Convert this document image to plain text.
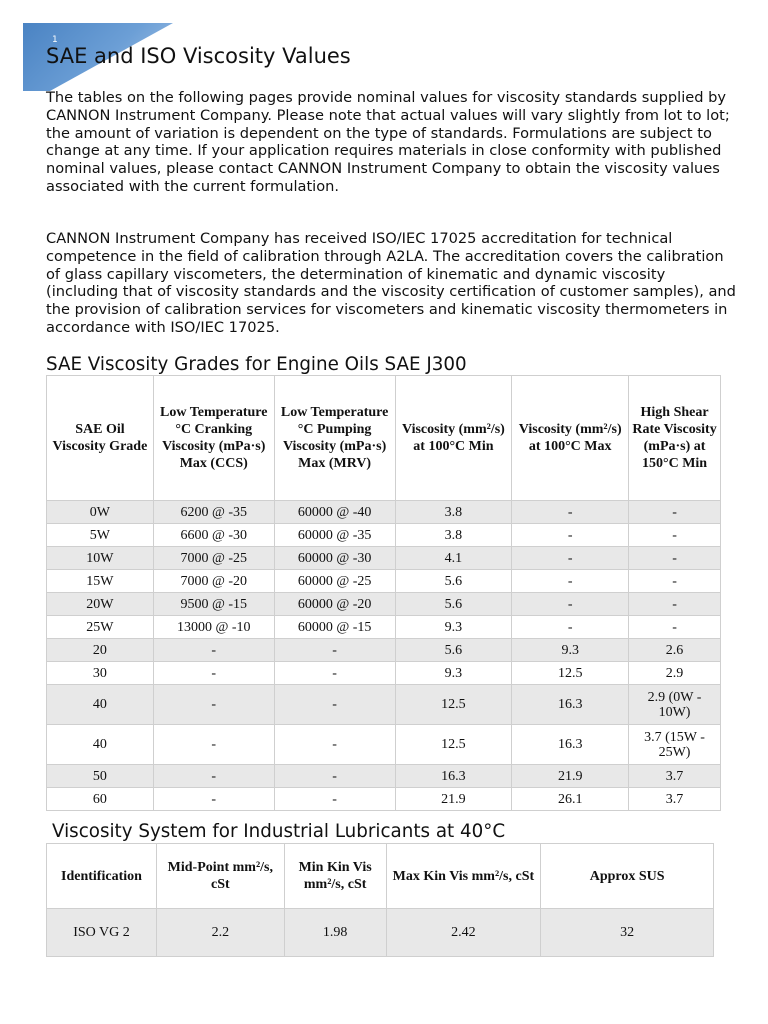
1
SAE and ISO Viscosity Values

The tables on the following pages provide nominal values for viscosity standards supplied by CANNON Instrument Company. Please note that actual values will vary slightly from lot to lot; the amount of variation is dependent on the type of standards. Formulations are subject to change at any time. If your application requires materials in close conformity with published nominal values, please contact CANNON Instrument Company to obtain the viscosity values associated with the current formulation.

CANNON Instrument Company has received ISO/IEC 17025 accreditation for technical competence in the field of calibration through A2LA. The accreditation covers the calibration of glass capillary viscometers, the determination of kinematic and dynamic viscosity (including that of viscosity standards and the viscosity certification of customer samples), and the provision of calibration services for viscometers and kinematic viscosity thermometers in accordance with ISO/IEC 17025.

SAE Viscosity Grades for Engine Oils SAE J300
SAE Oil Viscosity Grade	Low Temperature °C Cranking Viscosity (mPa·s) Max (CCS)	Low Temperature °C Pumping Viscosity (mPa·s) Max (MRV)	Viscosity (mm²/s) at 100°C Min	Viscosity (mm²/s) at 100°C Max	High Shear Rate Viscosity (mPa·s) at 150°C Min
0W	6200 @ -35	60000 @ -40	3.8	-	-
5W	6600 @ -30	60000 @ -35	3.8	-	-
10W	7000 @ -25	60000 @ -30	4.1	-	-
15W	7000 @ -20	60000 @ -25	5.6	-	-
20W	9500 @ -15	60000 @ -20	5.6	-	-
25W	13000 @ -10	60000 @ -15	9.3	-	-
20	-	-	5.6	9.3	2.6
30	-	-	9.3	12.5	2.9
40	-	-	12.5	16.3	2.9 (0W - 10W)
40	-	-	12.5	16.3	3.7 (15W - 25W)
50	-	-	16.3	21.9	3.7
60	-	-	21.9	26.1	3.7
Viscosity System for Industrial Lubricants at 40°C
Identification	Mid-Point mm²/s, cSt	Min Kin Vis mm²/s, cSt	Max Kin Vis mm²/s, cSt	Approx SUS
ISO VG 2	2.2	1.98	2.42	32
